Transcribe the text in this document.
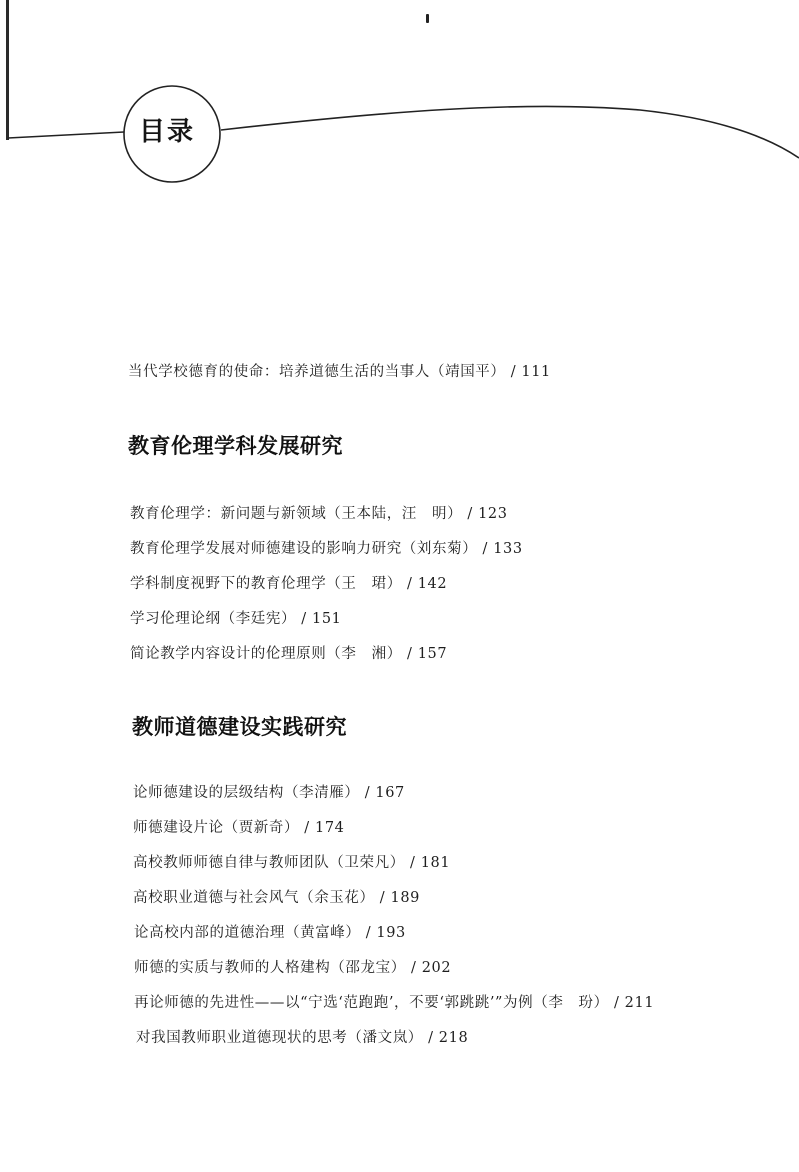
目录
当代学校德育的使命：培养道德生活的当事人（靖国平） / 111
教育伦理学科发展研究
教育伦理学：新问题与新领域（王本陆，汪　明） / 123
教育伦理学发展对师德建设的影响力研究（刘东菊） / 133
学科制度视野下的教育伦理学（王　珺） / 142
学习伦理论纲（李廷宪） / 151
简论教学内容设计的伦理原则（李　湘） / 157
教师道德建设实践研究
论师德建设的层级结构（李清雁） / 167
师德建设片论（贾新奇） / 174
高校教师师德自律与教师团队（卫荣凡） / 181
高校职业道德与社会风气（余玉花） / 189
论高校内部的道德治理（黄富峰） / 193
师德的实质与教师的人格建构（邵龙宝） / 202
再论师德的先进性——以“宁选‘范跑跑’，不要‘郭跳跳’”为例（李　玢） / 211
对我国教师职业道德现状的思考（潘文岚） / 218
